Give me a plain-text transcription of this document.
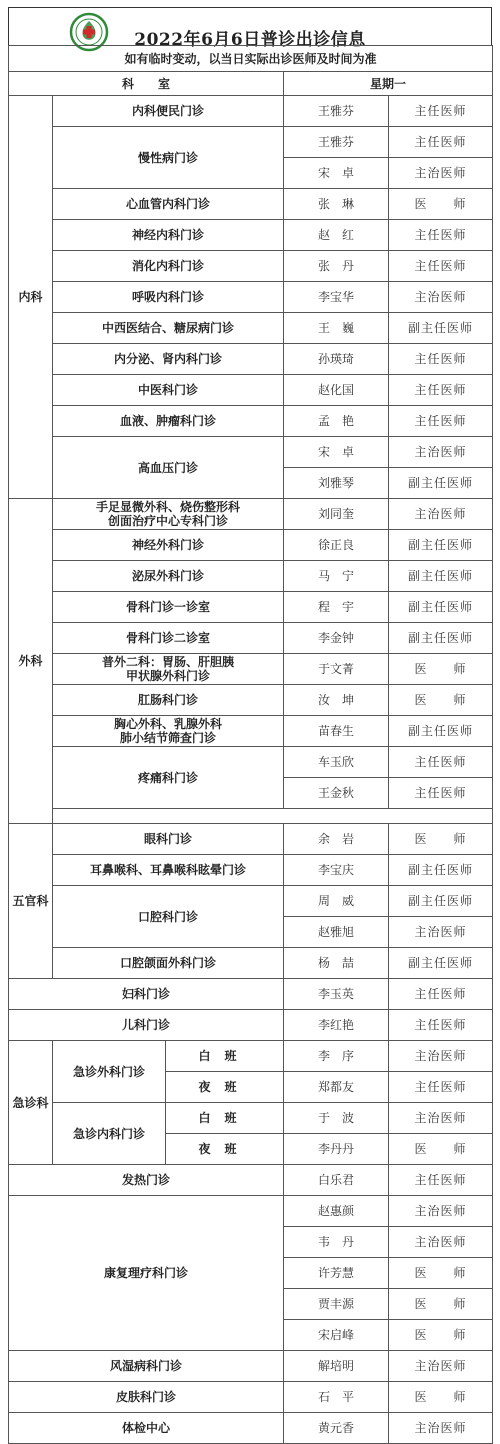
2022年6月6日普诊出诊信息
如有临时变动，以当日实际出诊医师及时间为准				
科　　室			星期一	
内科	内科便民门诊		王雅芬	主任医师
	慢性病门诊		王雅芬	主任医师
			宋　卓	主治医师
	心血管内科门诊		张　琳	医　　师
	神经内科门诊		赵　红	主任医师
	消化内科门诊		张　丹	主任医师
	呼吸内科门诊		李宝华	主治医师
	中西医结合、糖尿病门诊		王　巍	副主任医师
	内分泌、肾内科门诊		孙瑛琦	主任医师
	中医科门诊		赵化国	主任医师
	血液、肿瘤科门诊		孟　艳	主任医师
	高血压门诊		宋　卓	主治医师
			刘雅琴	副主任医师
外科	手足显微外科、烧伤整形科
创面治疗中心专科门诊		刘同奎	主治医师
	神经外科门诊		徐正良	副主任医师
	泌尿外科门诊		马　宁	副主任医师
	骨科门诊一诊室		程　宇	副主任医师
	骨科门诊二诊室		李金钟	副主任医师
	普外二科：胃肠、肝胆胰
甲状腺外科门诊		于文菁	医　　师
	肛肠科门诊		汝　坤	医　　师
	胸心外科、乳腺外科
肺小结节筛查门诊		苗春生	副主任医师
	疼痛科门诊		车玉欣	主任医师
			王金秋	主任医师

五官科	眼科门诊		余　岩	医　　师
	耳鼻喉科、耳鼻喉科眩晕门诊		李宝庆	副主任医师
	口腔科门诊		周　威	副主任医师
			赵雅旭	主治医师
	口腔颌面外科门诊		杨　喆	副主任医师
妇科门诊			李玉英	主任医师
儿科门诊			李红艳	主任医师
急诊科	急诊外科门诊	白班	李　序	主治医师
		夜班	郑都友	主任医师
	急诊内科门诊	白班	于　波	主治医师
		夜班	李丹丹	医　　师
发热门诊			白乐君	主任医师
康复理疗科门诊			赵惠颜	主治医师
			韦　丹	主治医师
			许芳慧	医　　师
			贾丰源	医　　师
			宋启峰	医　　师
风湿病科门诊			解培明	主治医师
皮肤科门诊			石　平	医　　师
体检中心			黄元香	主治医师
